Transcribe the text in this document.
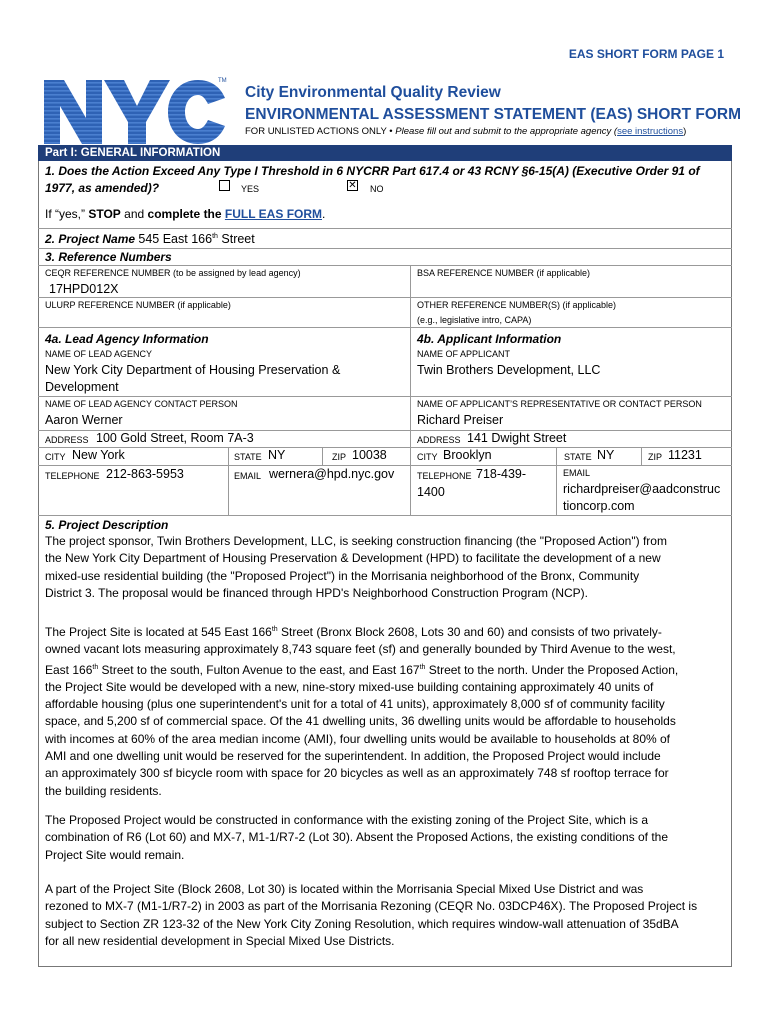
EAS SHORT FORM PAGE 1
TM
City Environmental Quality Review
ENVIRONMENTAL ASSESSMENT STATEMENT (EAS) SHORT FORM
FOR UNLISTED ACTIONS ONLY • Please fill out and submit to the appropriate agency (see instructions)
Part I: GENERAL INFORMATION
1. Does the Action Exceed Any Type I Threshold in 6 NYCRR Part 617.4 or 43 RCNY §6-15(A) (Executive Order 91 of
1977, as amended)?	YES	✕ NO
If “yes,” STOP and complete the FULL EAS FORM.
2. Project Name 545 East 166th Street
3. Reference Numbers
CEQR REFERENCE NUMBER (to be assigned by lead agency)
17HPD012X
BSA REFERENCE NUMBER (if applicable)
ULURP REFERENCE NUMBER (if applicable)	OTHER REFERENCE NUMBER(S) (if applicable)
(e.g., legislative intro, CAPA)
4a. Lead Agency Information
NAME OF LEAD AGENCY
New York City Department of Housing Preservation &
Development
NAME OF LEAD AGENCY CONTACT PERSON
Aaron Werner
ADDRESS 100 Gold Street, Room 7A-3
CITY New York	STATE NY	ZIP 10038
TELEPHONE 212-863-5953	EMAIL wernera@hpd.nyc.gov
4b. Applicant Information
NAME OF APPLICANT
Twin Brothers Development, LLC
NAME OF APPLICANT’S REPRESENTATIVE OR CONTACT PERSON
Richard Preiser
ADDRESS 141 Dwight Street
CITY Brooklyn	STATE NY	ZIP 11231
TELEPHONE 718-439-
1400
EMAIL
richardpreiser@aadconstruc
tioncorp.com
5. Project Description
The project sponsor, Twin Brothers Development, LLC, is seeking construction financing (the "Proposed Action") from
the New York City Department of Housing Preservation & Development (HPD) to facilitate the development of a new
mixed-use residential building (the "Proposed Project") in the Morrisania neighborhood of the Bronx, Community
District 3. The proposal would be financed through HPD's Neighborhood Construction Program (NCP).
The Project Site is located at 545 East 166th Street (Bronx Block 2608, Lots 30 and 60) and consists of two privately-
owned vacant lots measuring approximately 8,743 square feet (sf) and generally bounded by Third Avenue to the west,
East 166th Street to the south, Fulton Avenue to the east, and East 167th Street to the north. Under the Proposed Action,
the Project Site would be developed with a new, nine-story mixed-use building containing approximately 40 units of
affordable housing (plus one superintendent's unit for a total of 41 units), approximately 8,000 sf of community facility
space, and 5,200 sf of commercial space. Of the 41 dwelling units, 36 dwelling units would be affordable to households
with incomes at 60% of the area median income (AMI), four dwelling units would be available to households at 80% of
AMI and one dwelling unit would be reserved for the superintendent. In addition, the Proposed Project would include
an approximately 300 sf bicycle room with space for 20 bicycles as well as an approximately 748 sf rooftop terrace for
the building residents.
The Proposed Project would be constructed in conformance with the existing zoning of the Project Site, which is a
combination of R6 (Lot 60) and MX-7, M1-1/R7-2 (Lot 30). Absent the Proposed Actions, the existing conditions of the
Project Site would remain.
A part of the Project Site (Block 2608, Lot 30) is located within the Morrisania Special Mixed Use District and was
rezoned to MX-7 (M1-1/R7-2) in 2003 as part of the Morrisania Rezoning (CEQR No. 03DCP46X). The Proposed Project is
subject to Section ZR 123-32 of the New York City Zoning Resolution, which requires window-wall attenuation of 35dBA
for all new residential development in Special Mixed Use Districts.
